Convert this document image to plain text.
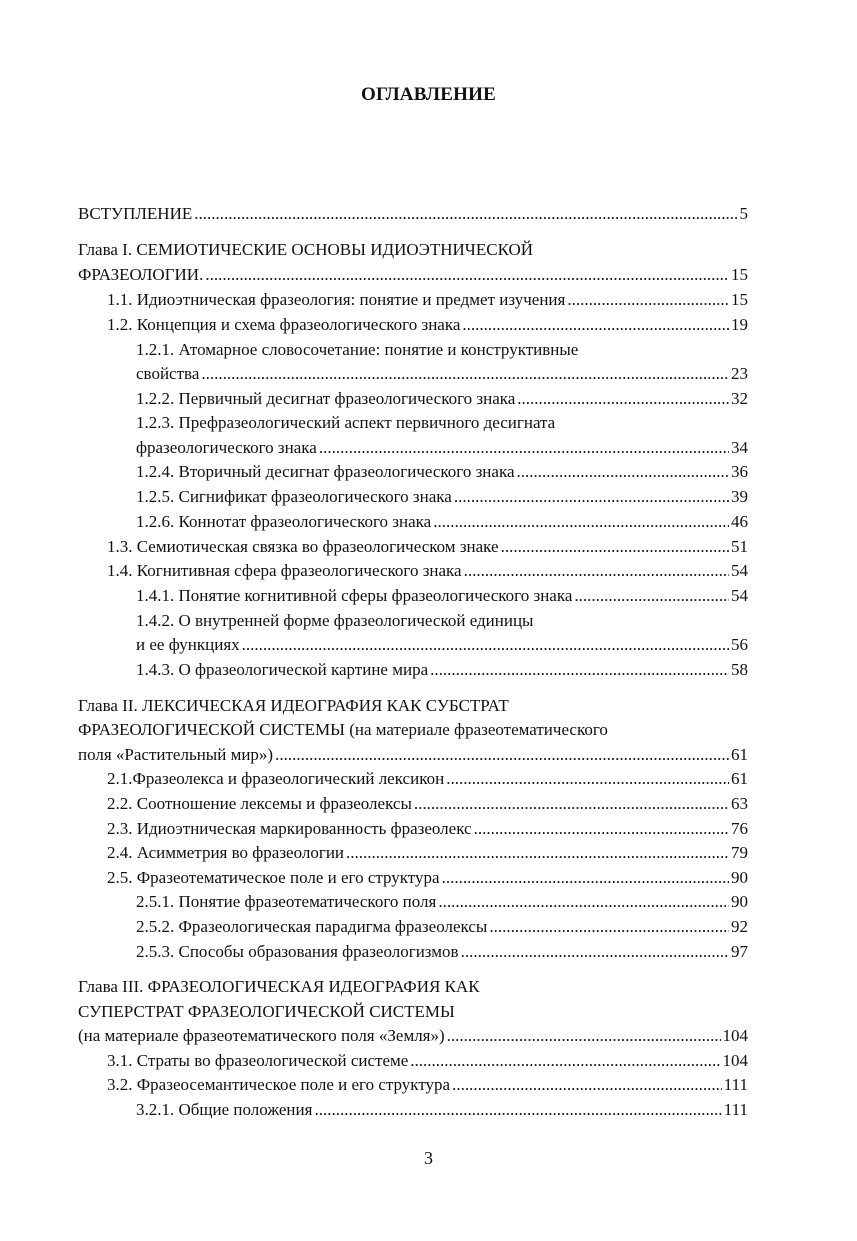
ОГЛАВЛЕНИЕ
ВСТУПЛЕНИЕ .....	5
Глава I. СЕМИОТИЧЕСКИЕ ОСНОВЫ ИДИОЭТНИЧЕСКОЙ
ФРАЗЕОЛОГИИ. .....	15
1.1. Идиоэтническая фразеология: понятие и предмет изучения .....	15
1.2. Концепция и схема фразеологического знака .....	19
1.2.1. Атомарное словосочетание: понятие и конструктивные
свойства .....	23
1.2.2. Первичный десигнат фразеологического знака .....	32
1.2.3. Префразеологический аспект первичного десигната
фразеологического знака .....	34
1.2.4. Вторичный десигнат фразеологического знака .....	36
1.2.5. Сигнификат фразеологического знака .....	39
1.2.6. Коннотат фразеологического знака .....	46
1.3. Семиотическая связка во фразеологическом знаке .....	51
1.4. Когнитивная сфера фразеологического знака .....	54
1.4.1. Понятие когнитивной сферы фразеологического знака .....	54
1.4.2. О внутренней форме фразеологической единицы
и ее функциях .....	56
1.4.3. О фразеологической картине мира .....	58
Глава II. ЛЕКСИЧЕСКАЯ ИДЕОГРАФИЯ КАК СУБСТРАТ
ФРАЗЕОЛОГИЧЕСКОЙ СИСТЕМЫ (на материале фразеотематического
поля «Растительный мир») .....	61
2.1.Фразеолекса и фразеологический лексикон .....	61
2.2. Соотношение лексемы и фразеолексы .....	63
2.3. Идиоэтническая маркированность фразеолекс .....	76
2.4. Асимметрия во фразеологии .....	79
2.5. Фразеотематическое поле и его структура .....	90
2.5.1. Понятие фразеотематического поля .....	90
2.5.2. Фразеологическая парадигма фразеолексы .....	92
2.5.3. Способы образования фразеологизмов .....	97
Глава III. ФРАЗЕОЛОГИЧЕСКАЯ ИДЕОГРАФИЯ КАК
СУПЕРСТРАТ ФРАЗЕОЛОГИЧЕСКОЙ СИСТЕМЫ
(на материале фразеотематического поля «Земля») .....	104
3.1. Страты во фразеологической системе .....	104
3.2. Фразеосемантическое поле и его структура .....	111
3.2.1. Общие положения .....	111
3
